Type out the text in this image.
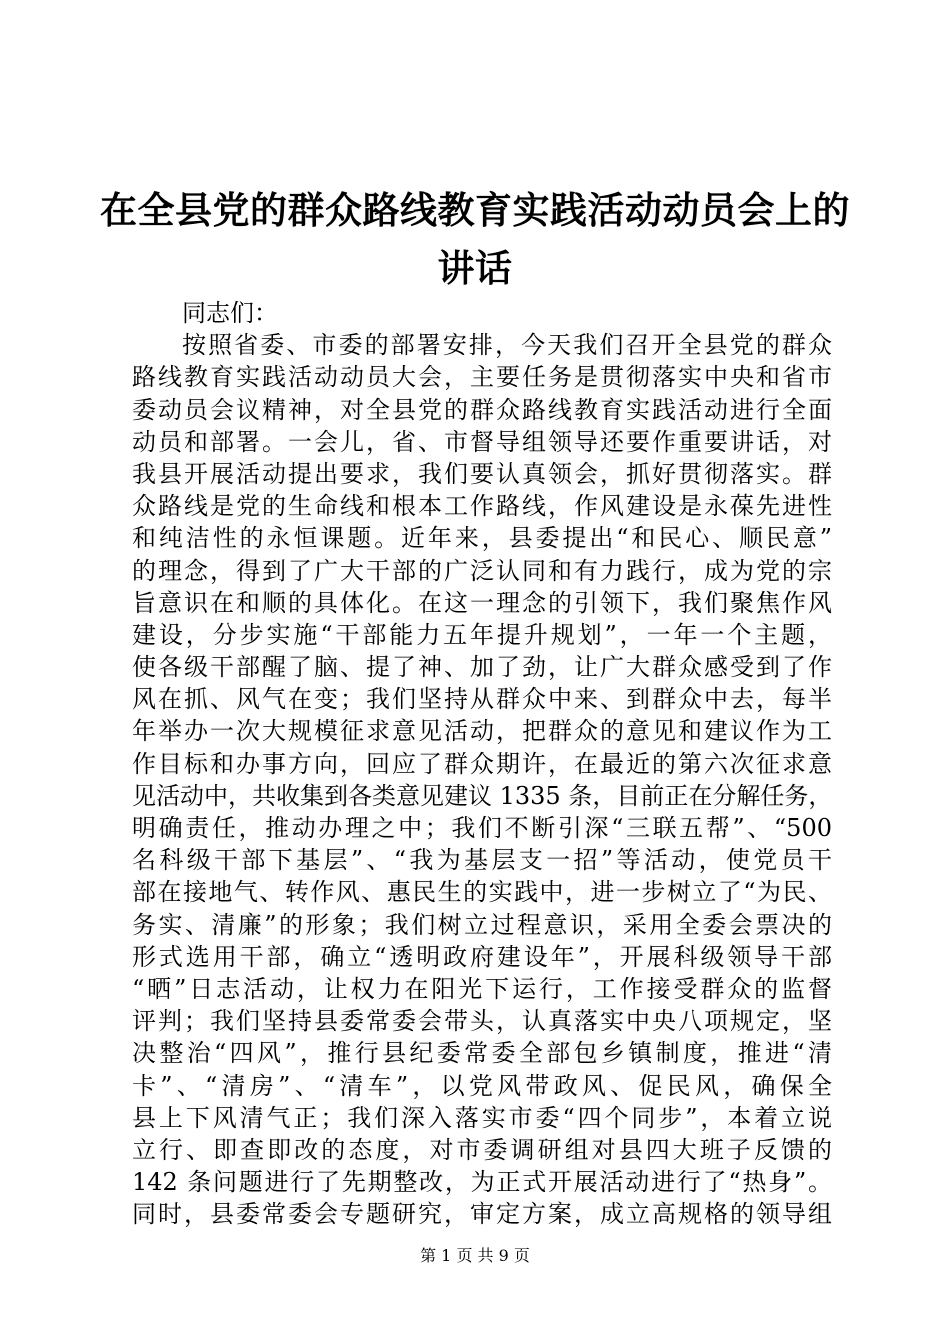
在全县党的群众路线教育实践活动动员会上的
讲话
同志们：
按照省委、市委的部署安排，今天我们召开全县党的群众
路线教育实践活动动员大会，主要任务是贯彻落实中央和省市
委动员会议精神，对全县党的群众路线教育实践活动进行全面
动员和部署。一会儿，省、市督导组领导还要作重要讲话，对
我县开展活动提出要求，我们要认真领会，抓好贯彻落实。群
众路线是党的生命线和根本工作路线，作风建设是永葆先进性
和纯洁性的永恒课题。近年来，县委提出“和民心、顺民意”
的理念，得到了广大干部的广泛认同和有力践行，成为党的宗
旨意识在和顺的具体化。在这一理念的引领下，我们聚焦作风
建设，分步实施“干部能力五年提升规划”，一年一个主题，
使各级干部醒了脑、提了神、加了劲，让广大群众感受到了作
风在抓、风气在变；我们坚持从群众中来、到群众中去，每半
年举办一次大规模征求意见活动，把群众的意见和建议作为工
作目标和办事方向，回应了群众期许，在最近的第六次征求意
见活动中，共收集到各类意见建议 1335 条，目前正在分解任务，
明确责任，推动办理之中；我们不断引深“三联五帮”、“500
名科级干部下基层”、“我为基层支一招”等活动，使党员干
部在接地气、转作风、惠民生的实践中，进一步树立了“为民、
务实、清廉”的形象；我们树立过程意识，采用全委会票决的
形式选用干部，确立“透明政府建设年”，开展科级领导干部
“晒”日志活动，让权力在阳光下运行，工作接受群众的监督
评判；我们坚持县委常委会带头，认真落实中央八项规定，坚
决整治“四风”，推行县纪委常委全部包乡镇制度，推进“清
卡”、“清房”、“清车”，以党风带政风、促民风，确保全
县上下风清气正；我们深入落实市委“四个同步”，本着立说
立行、即查即改的态度，对市委调研组对县四大班子反馈的
142 条问题进行了先期整改，为正式开展活动进行了“热身”。
同时，县委常委会专题研究，审定方案，成立高规格的领导组
第 1 页 共 9 页
